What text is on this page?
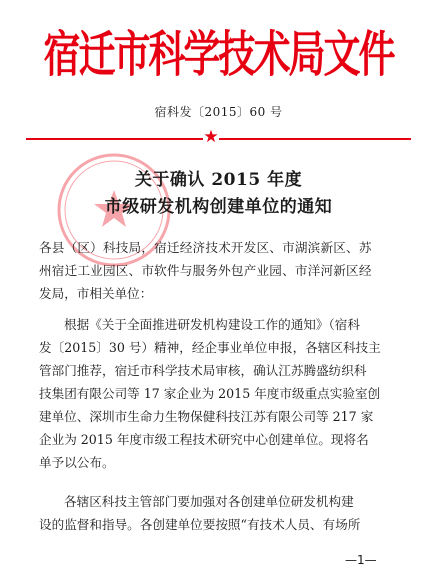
宿迁市科学技术局文件
宿科发〔2015〕60 号
★
关于确认 2015 年度
市级研发机构创建单位的通知
各县（区）科技局，宿迁经济技术开发区、市湖滨新区、苏
州宿迁工业园区、市软件与服务外包产业园、市洋河新区经
发局，市相关单位：
根据《关于全面推进研发机构建设工作的通知》（宿科
发〔2015〕30 号）精神，经企事业单位申报，各辖区科技主
管部门推荐，宿迁市科学技术局审核，确认江苏腾盛纺织科
技集团有限公司等 17 家企业为 2015 年度市级重点实验室创
建单位、深圳市生命力生物保健科技江苏有限公司等 217 家
企业为 2015 年度市级工程技术研究中心创建单位。现将名
单予以公布。
各辖区科技主管部门要加强对各创建单位研发机构建
设的监督和指导。各创建单位要按照“有技术人员、有场所
—1—
